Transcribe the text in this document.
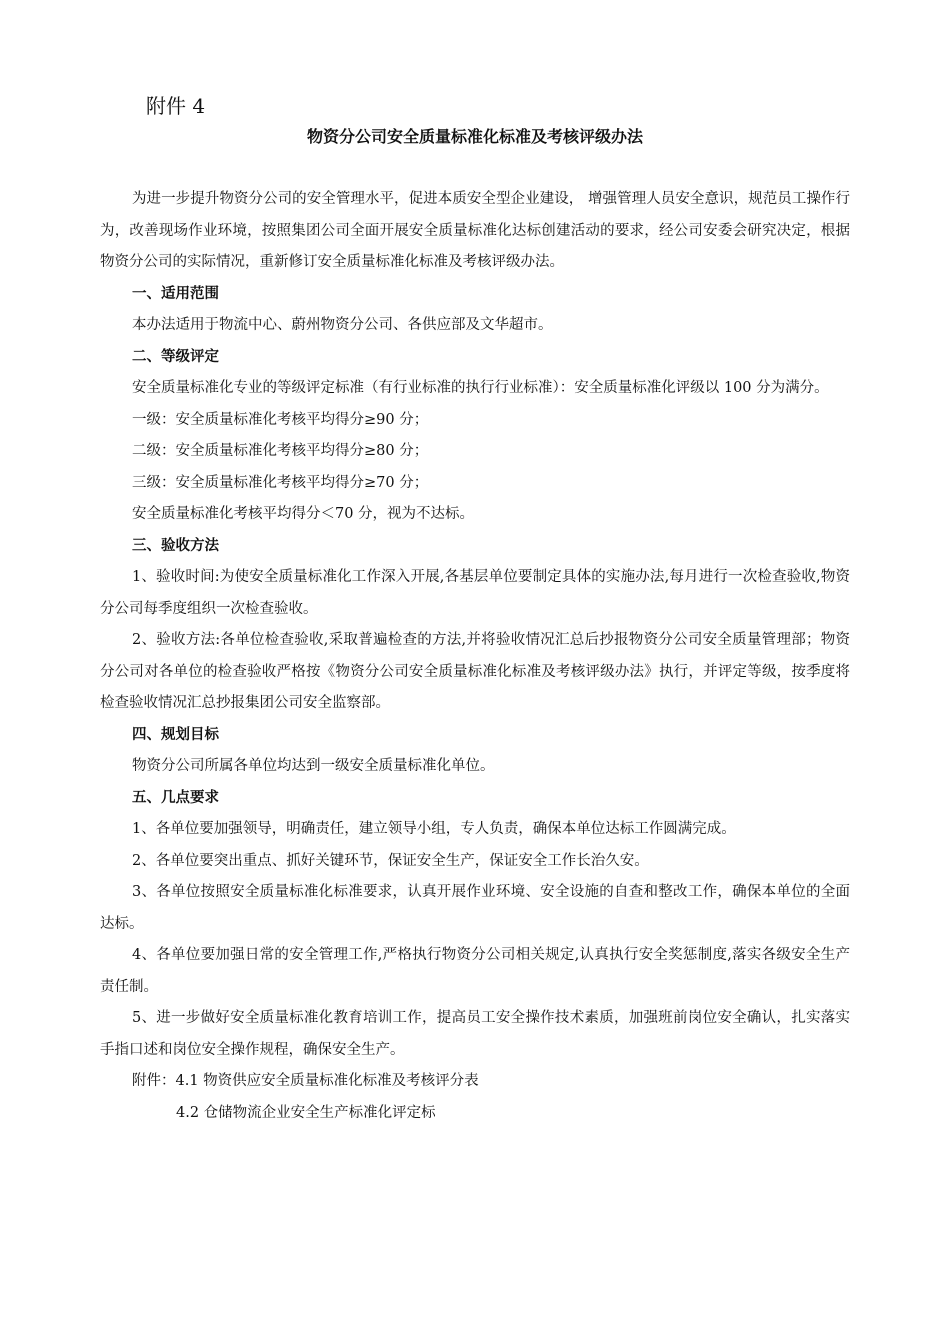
附件 4
物资分公司安全质量标准化标准及考核评级办法

为进一步提升物资分公司的安全管理水平，促进本质安全型企业建设， 增强管理人员安全意识，规范员工操作行为，改善现场作业环境，按照集团公司全面开展安全质量标准化达标创建活动的要求，经公司安委会研究决定，根据物资分公司的实际情况，重新修订安全质量标准化标准及考核评级办法。

一、适用范围

本办法适用于物流中心、蔚州物资分公司、各供应部及文华超市。

二、等级评定

安全质量标准化专业的等级评定标准（有行业标准的执行行业标准）：安全质量标准化评级以 100 分为满分。

一级：安全质量标准化考核平均得分≥90 分；

二级：安全质量标准化考核平均得分≥80 分；

三级：安全质量标准化考核平均得分≥70 分；

安全质量标准化考核平均得分＜70 分，视为不达标。

三、验收方法

1、验收时间:为使安全质量标准化工作深入开展,各基层单位要制定具体的实施办法,每月进行一次检查验收,物资分公司每季度组织一次检查验收。

2、验收方法:各单位检查验收,采取普遍检查的方法,并将验收情况汇总后抄报物资分公司安全质量管理部；物资分公司对各单位的检查验收严格按《物资分公司安全质量标准化标准及考核评级办法》执行，并评定等级，按季度将检查验收情况汇总抄报集团公司安全监察部。

四、规划目标

物资分公司所属各单位均达到一级安全质量标准化单位。

五、几点要求

1、各单位要加强领导，明确责任，建立领导小组，专人负责，确保本单位达标工作圆满完成。

2、各单位要突出重点、抓好关键环节，保证安全生产，保证安全工作长治久安。

3、各单位按照安全质量标准化标准要求，认真开展作业环境、安全设施的自查和整改工作，确保本单位的全面达标。

4、各单位要加强日常的安全管理工作,严格执行物资分公司相关规定,认真执行安全奖惩制度,落实各级安全生产责任制。

5、进一步做好安全质量标准化教育培训工作，提高员工安全操作技术素质，加强班前岗位安全确认，扎实落实手指口述和岗位安全操作规程，确保安全生产。

附件：4.1 物资供应安全质量标准化标准及考核评分表

4.2 仓储物流企业安全生产标准化评定标
